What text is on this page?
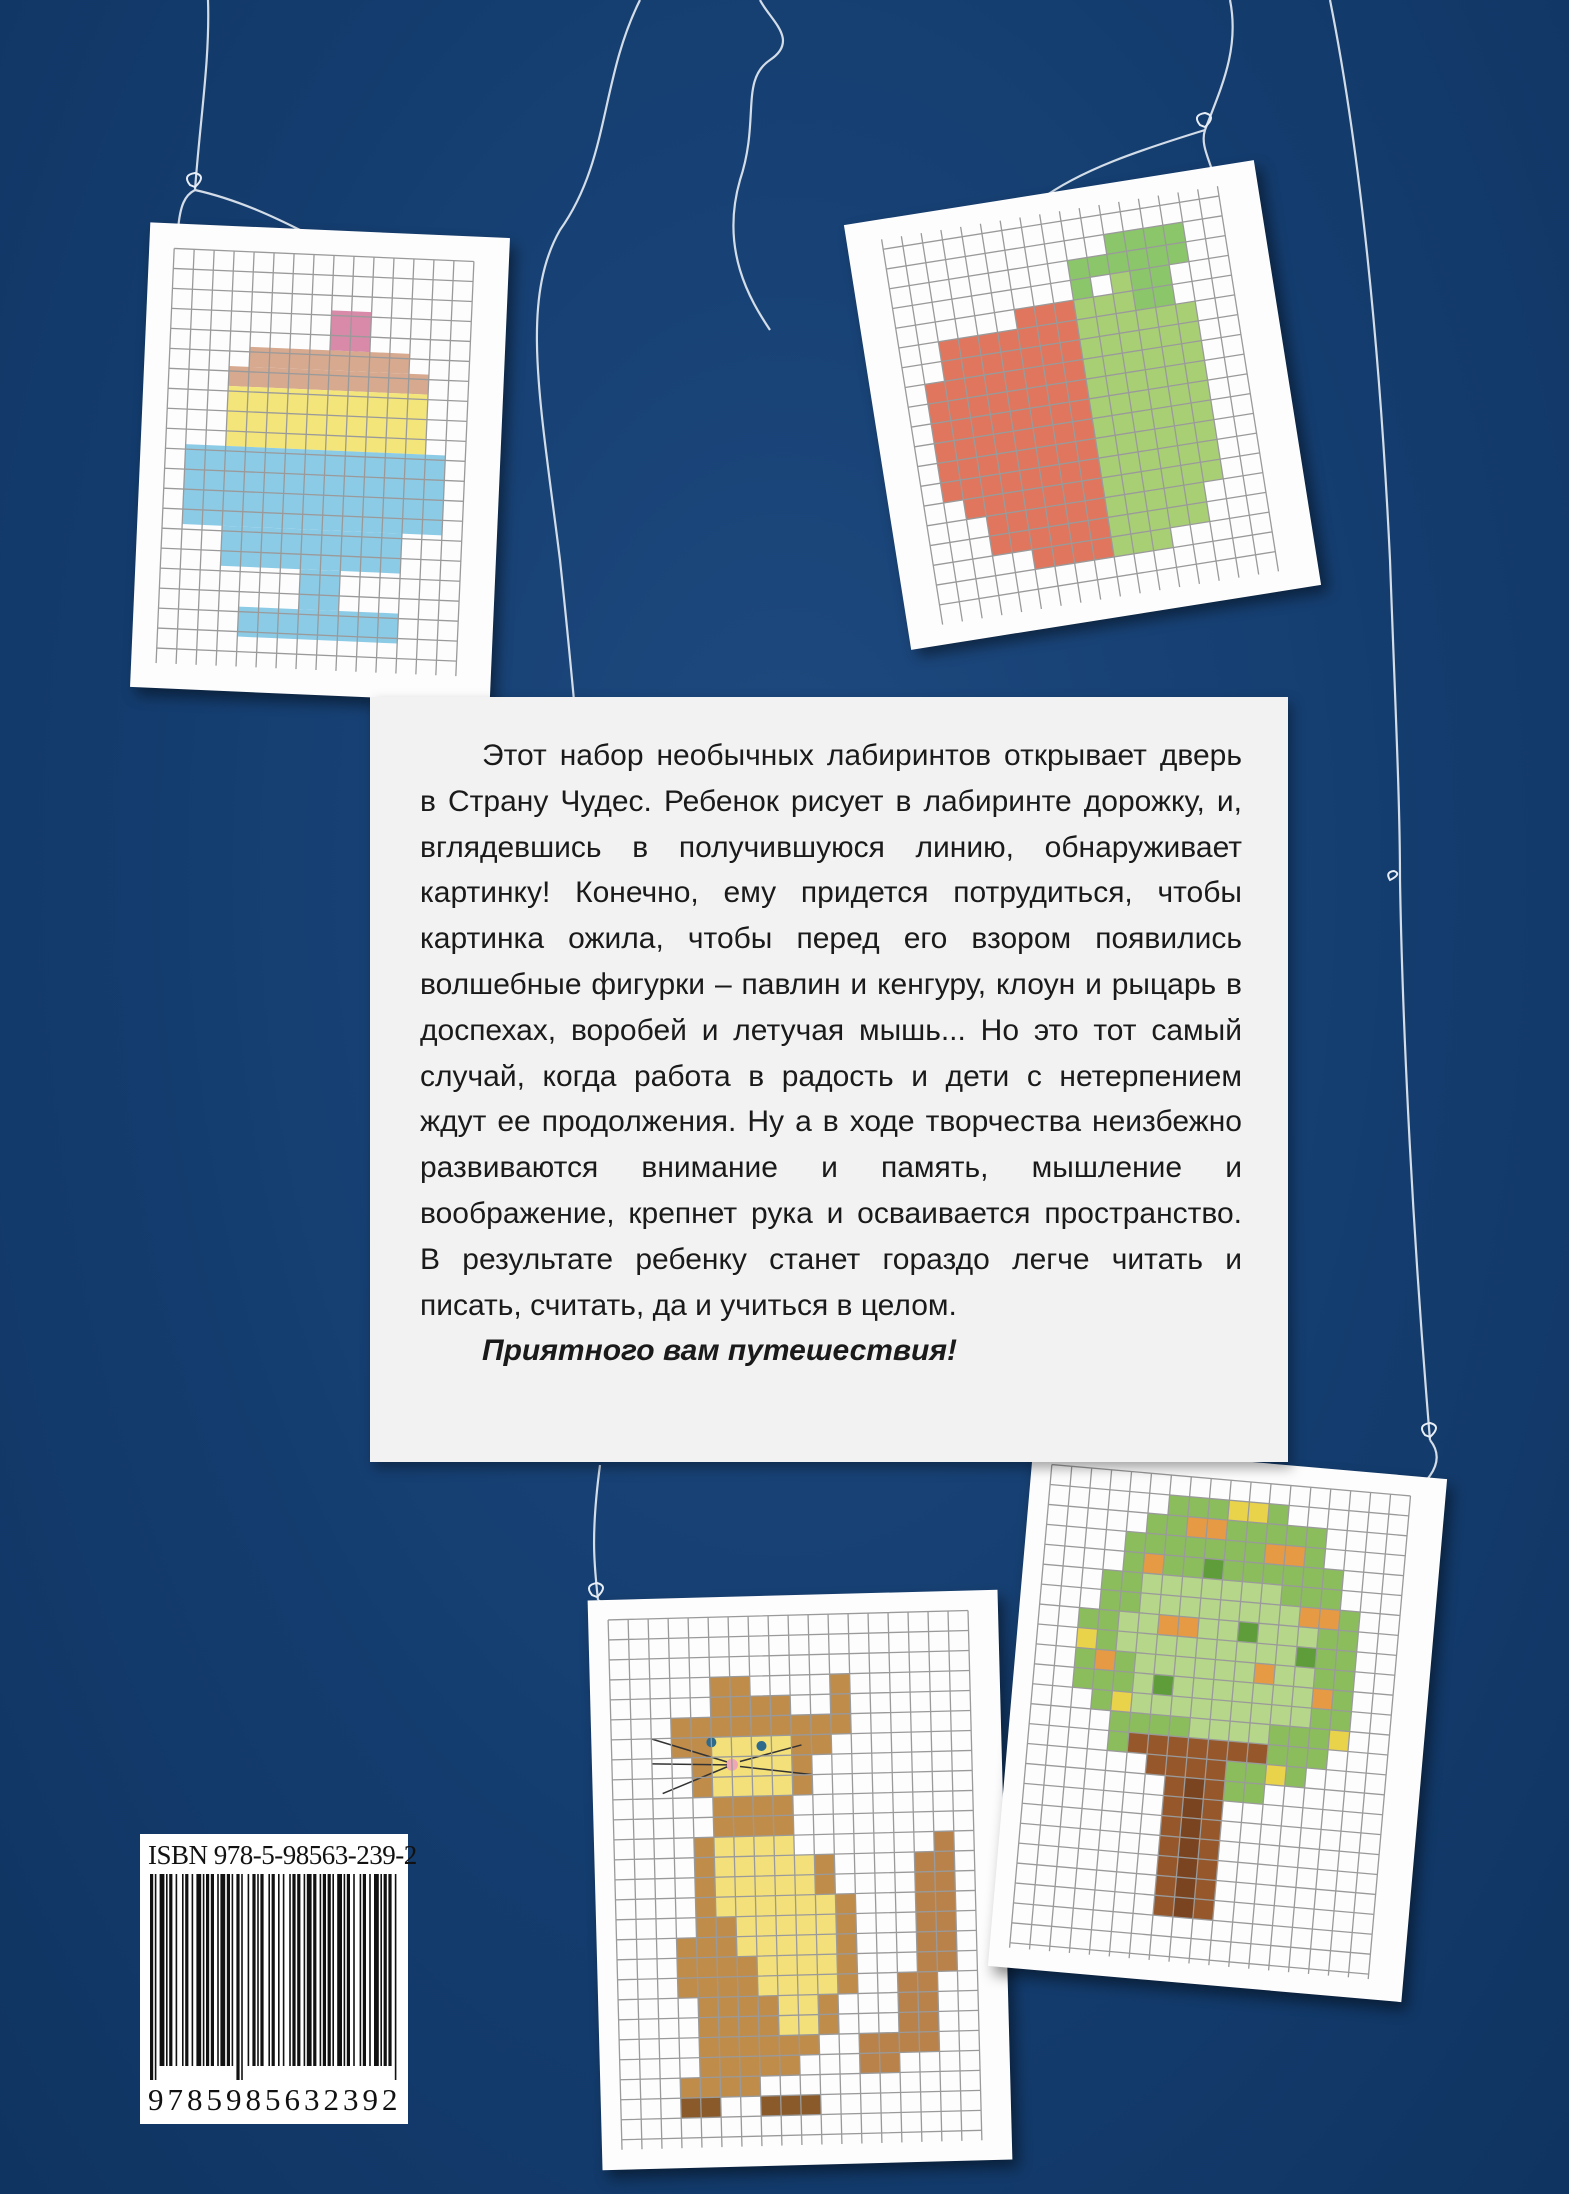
Этот набор необычных лабиринтов открывает дверь в Страну Чудес. Ребенок рисует в лабиринте дорожку, и, вглядевшись в получившуюся линию, обнаруживает картинку! Конечно, ему придется потрудиться, чтобы картинка ожила, чтобы перед его взором появились волшебные фигурки – павлин и кенгуру, клоун и рыцарь в доспехах, воробей и летучая мышь... Но это тот самый случай, когда работа в радость и дети с нетерпением ждут ее продолжения. Ну а в ходе творчества неизбежно развиваются внимание и память, мышление и воображение, крепнет рука и осваивается пространство. В результате ребенку станет гораздо легче читать и писать, считать, да и учиться в целом.

Приятного вам путешествия!

ISBN 978-5-98563-239-2

9785985632392
